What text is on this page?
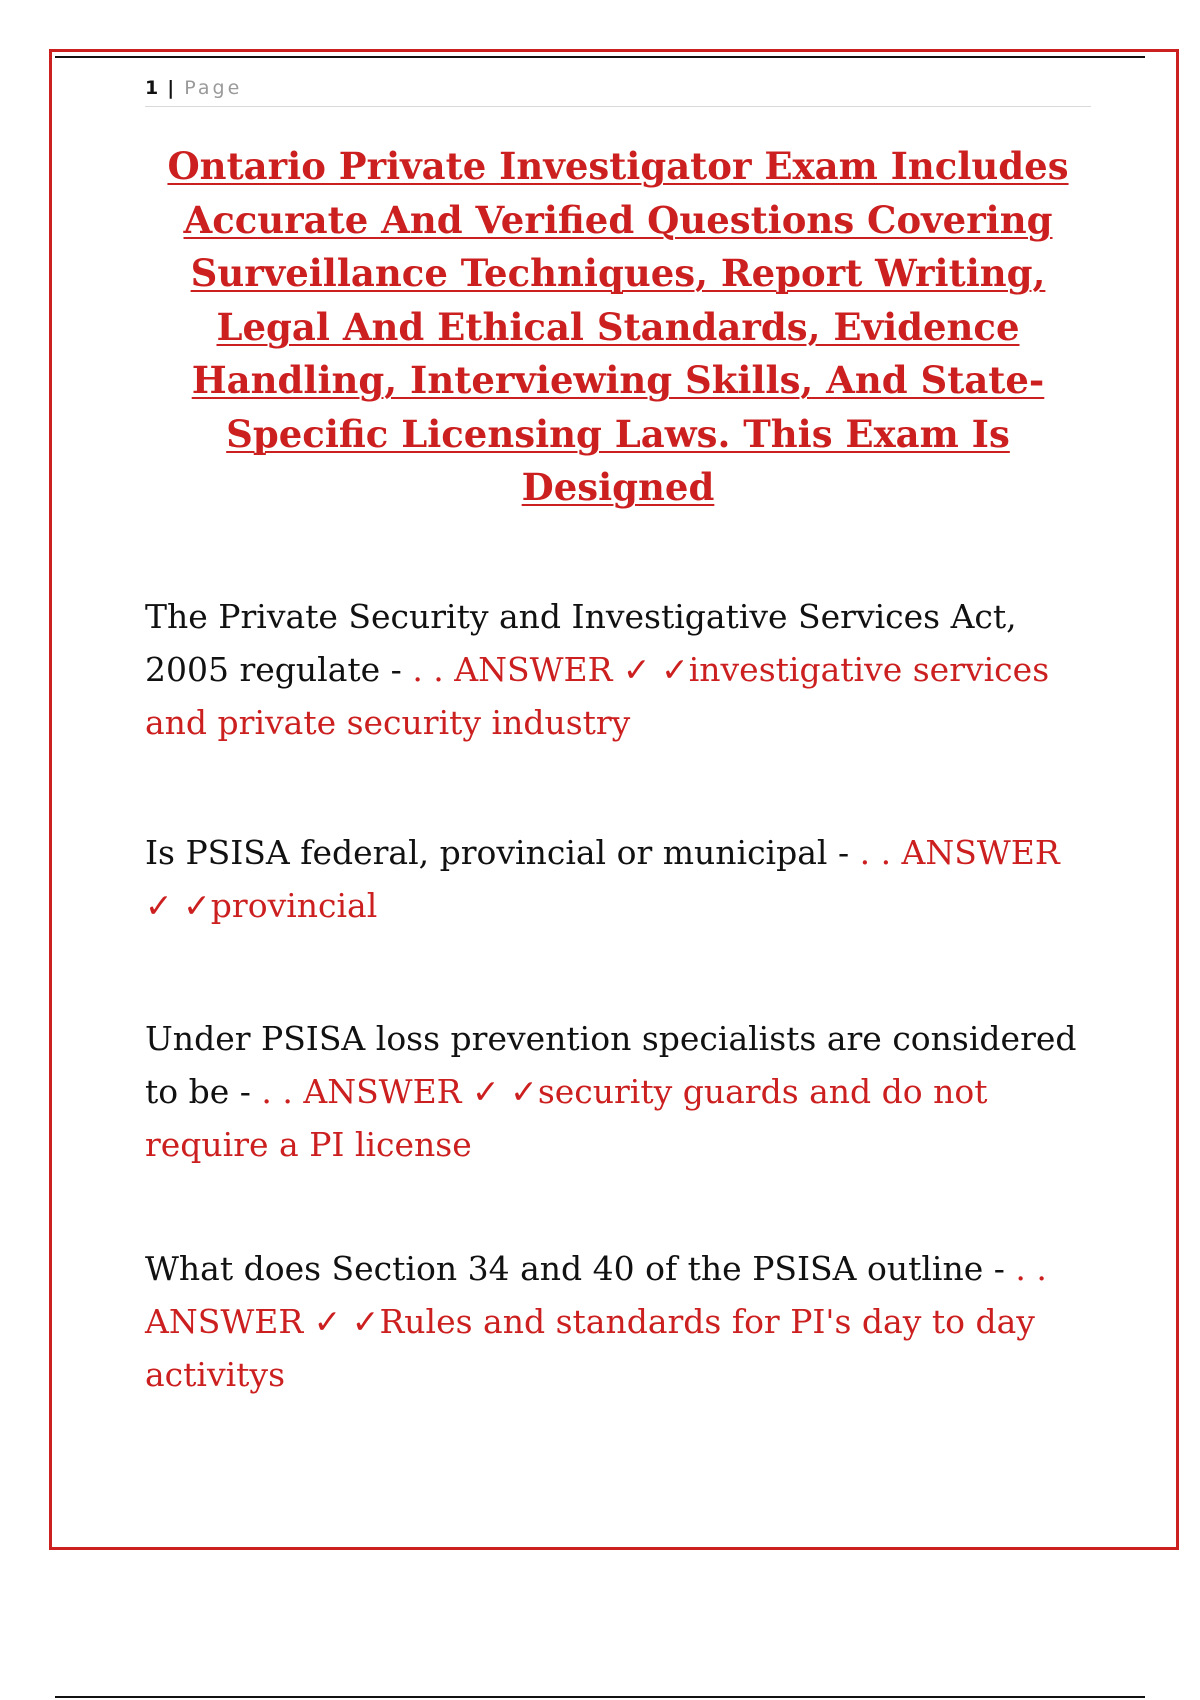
1 | Page
Ontario Private Investigator Exam Includes Accurate And Verified Questions Covering Surveillance Techniques, Report Writing, Legal And Ethical Standards, Evidence Handling, Interviewing Skills, And State-Specific Licensing Laws. This Exam Is Designed

The Private Security and Investigative Services Act, 2005 regulate - . . ANSWER ✓ ✓investigative services and private security industry

Is PSISA federal, provincial or municipal - . . ANSWER ✓ ✓provincial

Under PSISA loss prevention specialists are considered to be - . . ANSWER ✓ ✓security guards and do not require a PI license

What does Section 34 and 40 of the PSISA outline - . . ANSWER ✓ ✓Rules and standards for PI's day to day activitys
